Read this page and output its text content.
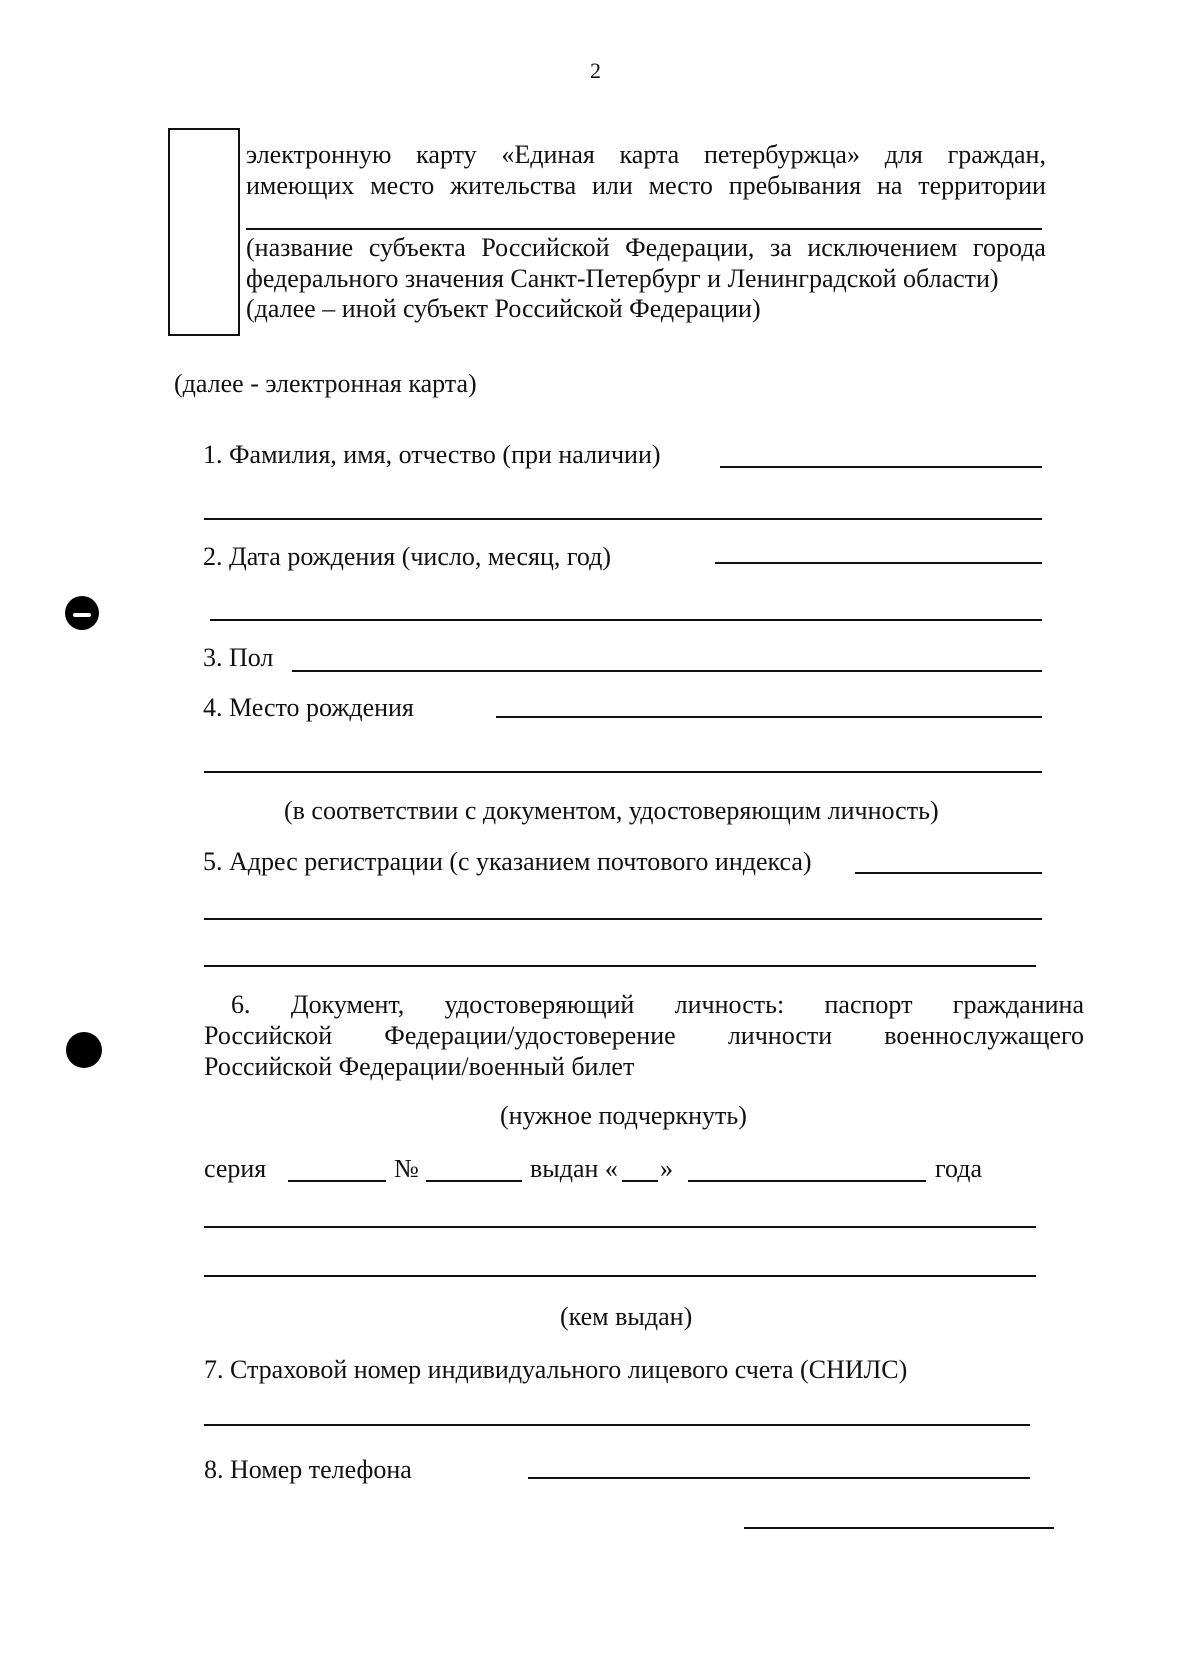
2
электронную карту «Единая карта петербуржца» для граждан,
имеющих место жительства или место пребывания на территории
(название субъекта Российской Федерации, за исключением города
федерального значения Санкт-Петербург и Ленинградской области)
(далее – иной субъект Российской Федерации)
(далее - электронная карта)
1. Фамилия, имя, отчество (при наличии)
2. Дата рождения (число, месяц, год)
3. Пол
4. Место рождения
(в соответствии с документом, удостоверяющим личность)
5. Адрес регистрации (с указанием почтового индекса)
6. Документ, удостоверяющий личность: паспорт гражданина
Российской Федерации/удостоверение личности военнослужащего
Российской Федерации/военный билет
(нужное подчеркнуть)
серия	№	выдан « »	года
(кем выдан)
7. Страховой номер индивидуального лицевого счета (СНИЛС)
8. Номер телефона
